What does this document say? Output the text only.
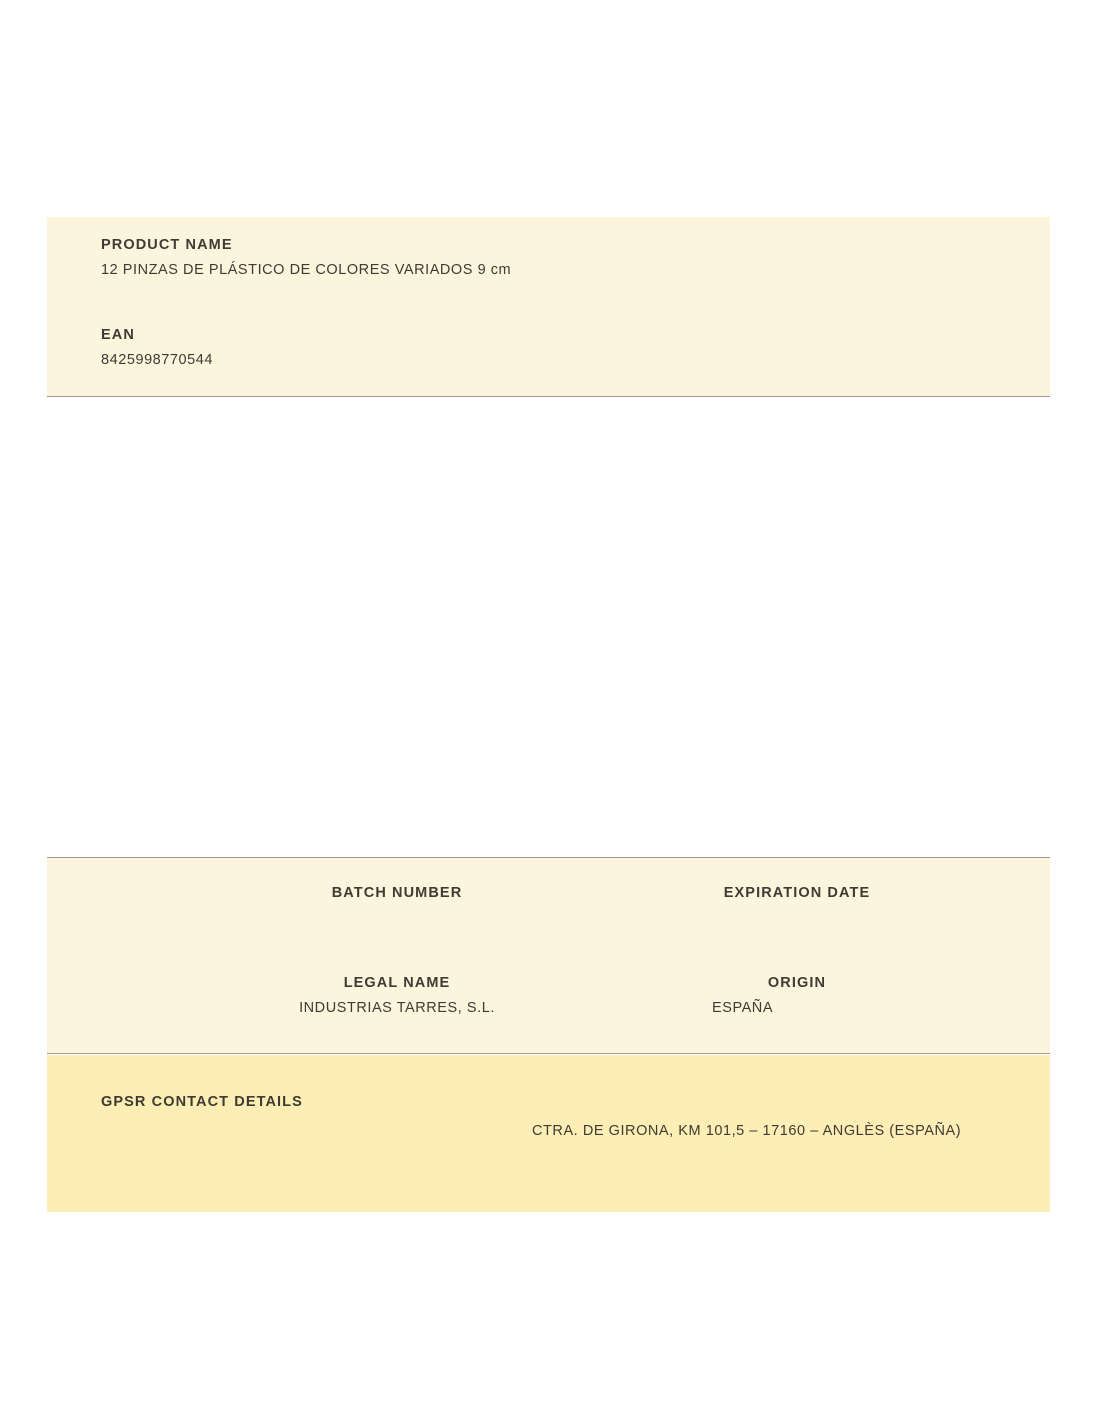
PRODUCT NAME
12 PINZAS DE PLÁSTICO DE COLORES VARIADOS 9 cm
EAN
8425998770544
BATCH NUMBER	EXPIRATION DATE
LEGAL NAME
INDUSTRIAS TARRES, S.L.
ORIGIN
ESPAÑA
GPSR CONTACT DETAILS
CTRA. DE GIRONA, KM 101,5 – 17160 – ANGLÈS (ESPAÑA)
